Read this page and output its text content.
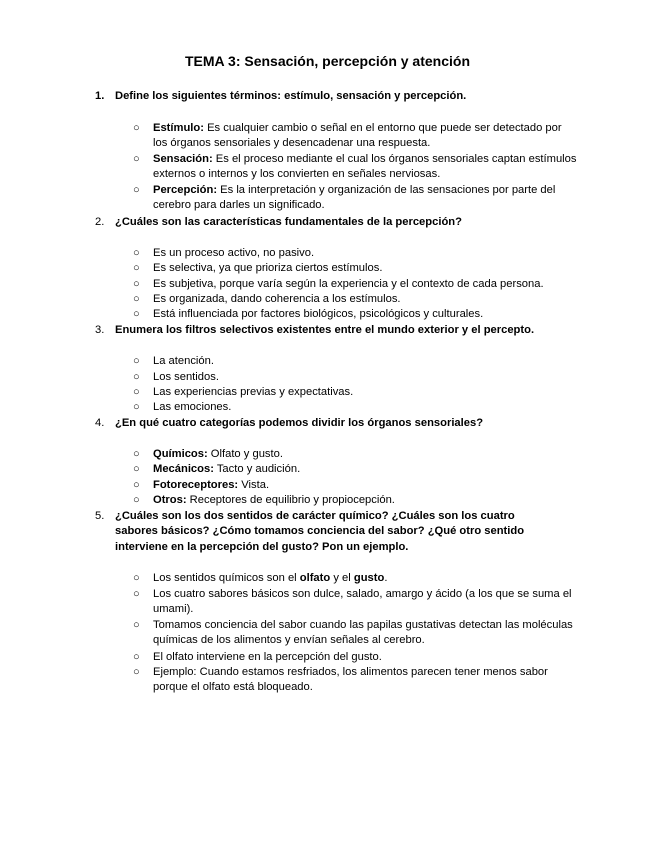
TEMA 3: Sensación, percepción y atención
1. Define los siguientes términos: estímulo, sensación y percepción.
○ Estímulo: Es cualquier cambio o señal en el entorno que puede ser detectado por los órganos sensoriales y desencadenar una respuesta.
○ Sensación: Es el proceso mediante el cual los órganos sensoriales captan estímulos externos o internos y los convierten en señales nerviosas.
○ Percepción: Es la interpretación y organización de las sensaciones por parte del cerebro para darles un significado.
2. ¿Cuáles son las características fundamentales de la percepción?
○ Es un proceso activo, no pasivo.
○ Es selectiva, ya que prioriza ciertos estímulos.
○ Es subjetiva, porque varía según la experiencia y el contexto de cada persona.
○ Es organizada, dando coherencia a los estímulos.
○ Está influenciada por factores biológicos, psicológicos y culturales.
3. Enumera los filtros selectivos existentes entre el mundo exterior y el percepto.
○ La atención.
○ Los sentidos.
○ Las experiencias previas y expectativas.
○ Las emociones.
4. ¿En qué cuatro categorías podemos dividir los órganos sensoriales?
○ Químicos: Olfato y gusto.
○ Mecánicos: Tacto y audición.
○ Fotoreceptores: Vista.
○ Otros: Receptores de equilibrio y propiocepción.
5. ¿Cuáles son los dos sentidos de carácter químico? ¿Cuáles son los cuatro sabores básicos? ¿Cómo tomamos conciencia del sabor? ¿Qué otro sentido interviene en la percepción del gusto? Pon un ejemplo.
○ Los sentidos químicos son el olfato y el gusto.
○ Los cuatro sabores básicos son dulce, salado, amargo y ácido (a los que se suma el umami).
○ Tomamos conciencia del sabor cuando las papilas gustativas detectan las moléculas químicas de los alimentos y envían señales al cerebro.
○ El olfato interviene en la percepción del gusto.
○ Ejemplo: Cuando estamos resfriados, los alimentos parecen tener menos sabor porque el olfato está bloqueado.
